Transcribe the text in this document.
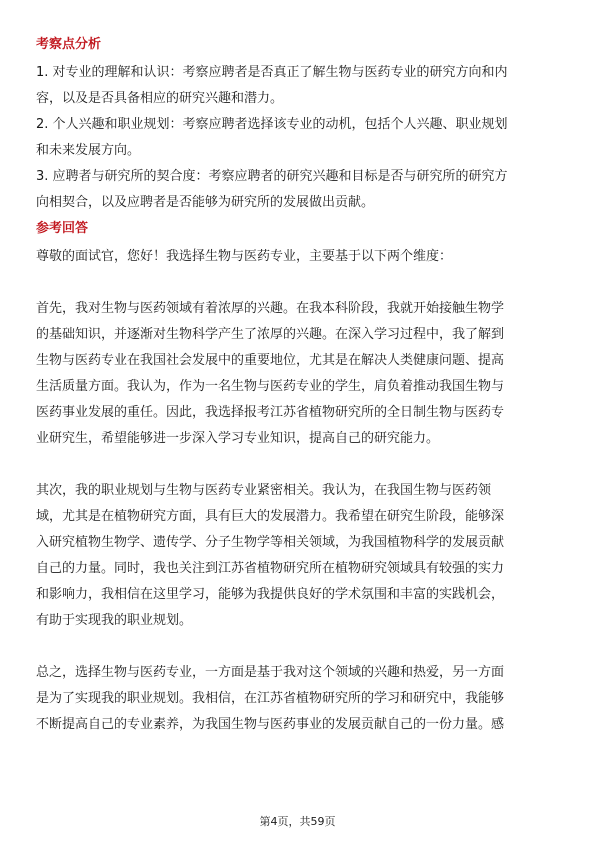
考察点分析
1. 对专业的理解和认识：考察应聘者是否真正了解生物与医药专业的研究方向和内
容，以及是否具备相应的研究兴趣和潜力。
2. 个人兴趣和职业规划：考察应聘者选择该专业的动机，包括个人兴趣、职业规划
和未来发展方向。
3. 应聘者与研究所的契合度：考察应聘者的研究兴趣和目标是否与研究所的研究方
向相契合，以及应聘者是否能够为研究所的发展做出贡献。
参考回答
尊敬的面试官，您好！我选择生物与医药专业，主要基于以下两个维度：
首先，我对生物与医药领域有着浓厚的兴趣。在我本科阶段，我就开始接触生物学
的基础知识，并逐渐对生物科学产生了浓厚的兴趣。在深入学习过程中，我了解到
生物与医药专业在我国社会发展中的重要地位，尤其是在解决人类健康问题、提高
生活质量方面。我认为，作为一名生物与医药专业的学生，肩负着推动我国生物与
医药事业发展的重任。因此，我选择报考江苏省植物研究所的全日制生物与医药专
业研究生，希望能够进一步深入学习专业知识，提高自己的研究能力。
其次，我的职业规划与生物与医药专业紧密相关。我认为，在我国生物与医药领
域，尤其是在植物研究方面，具有巨大的发展潜力。我希望在研究生阶段，能够深
入研究植物生物学、遗传学、分子生物学等相关领域，为我国植物科学的发展贡献
自己的力量。同时，我也关注到江苏省植物研究所在植物研究领域具有较强的实力
和影响力，我相信在这里学习，能够为我提供良好的学术氛围和丰富的实践机会，
有助于实现我的职业规划。
总之，选择生物与医药专业，一方面是基于我对这个领域的兴趣和热爱，另一方面
是为了实现我的职业规划。我相信，在江苏省植物研究所的学习和研究中，我能够
不断提高自己的专业素养，为我国生物与医药事业的发展贡献自己的一份力量。感
第4页，共59页
